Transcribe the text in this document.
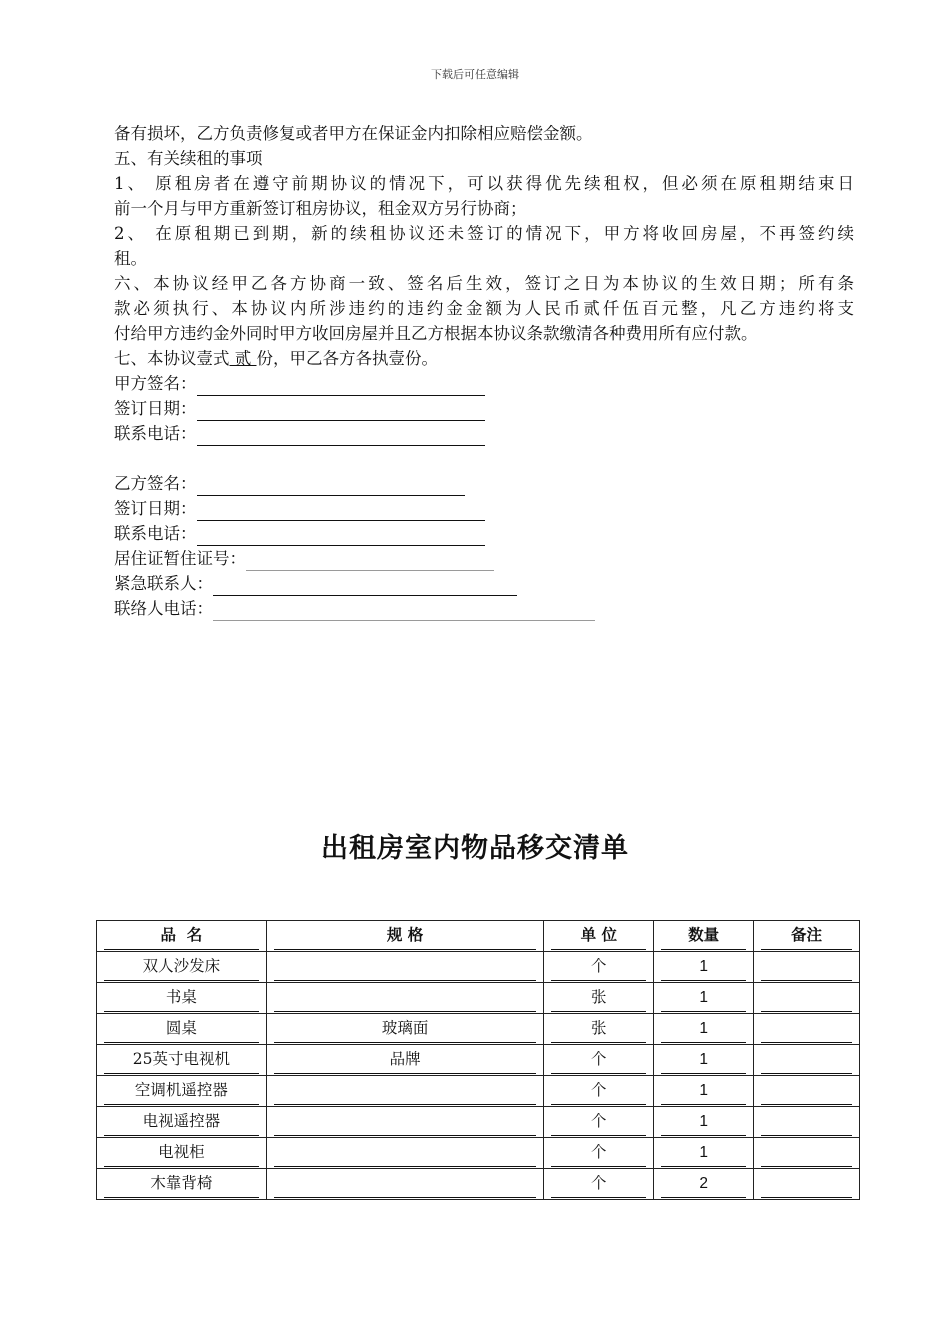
下载后可任意编辑

备有损坏，乙方负责修复或者甲方在保证金内扣除相应赔偿金额。

五、有关续租的事项

1、 原租房者在遵守前期协议的情况下，可以获得优先续租权，但必须在原租期结束日

前一个月与甲方重新签订租房协议，租金双方另行协商；

2、 在原租期已到期，新的续租协议还未签订的情况下，甲方将收回房屋，不再签约续

租。

六、本协议经甲乙各方协商一致、签名后生效，签订之日为本协议的生效日期；所有条

款必须执行、本协议内所涉违约的违约金金额为人民币贰仟伍百元整，凡乙方违约将支

付给甲方违约金外同时甲方收回房屋并且乙方根据本协议条款缴清各种费用所有应付款。

七、本协议壹式 贰 份，甲乙各方各执壹份。

甲方签名：
签订日期：
联系电话：
乙方签名：
签订日期：
联系电话：
居住证暂住证号：
紧急联系人：
联络人电话：
出租房室内物品移交清单
品  名	规 格	单 位	数量	备注

双人沙发床		个	1	

书桌		张	1	

圆桌	玻璃面	张	1	

25英寸电视机	品牌	个	1	

空调机遥控器		个	1	

电视遥控器		个	1	

电视柜		个	1	

木靠背椅		个	2	
